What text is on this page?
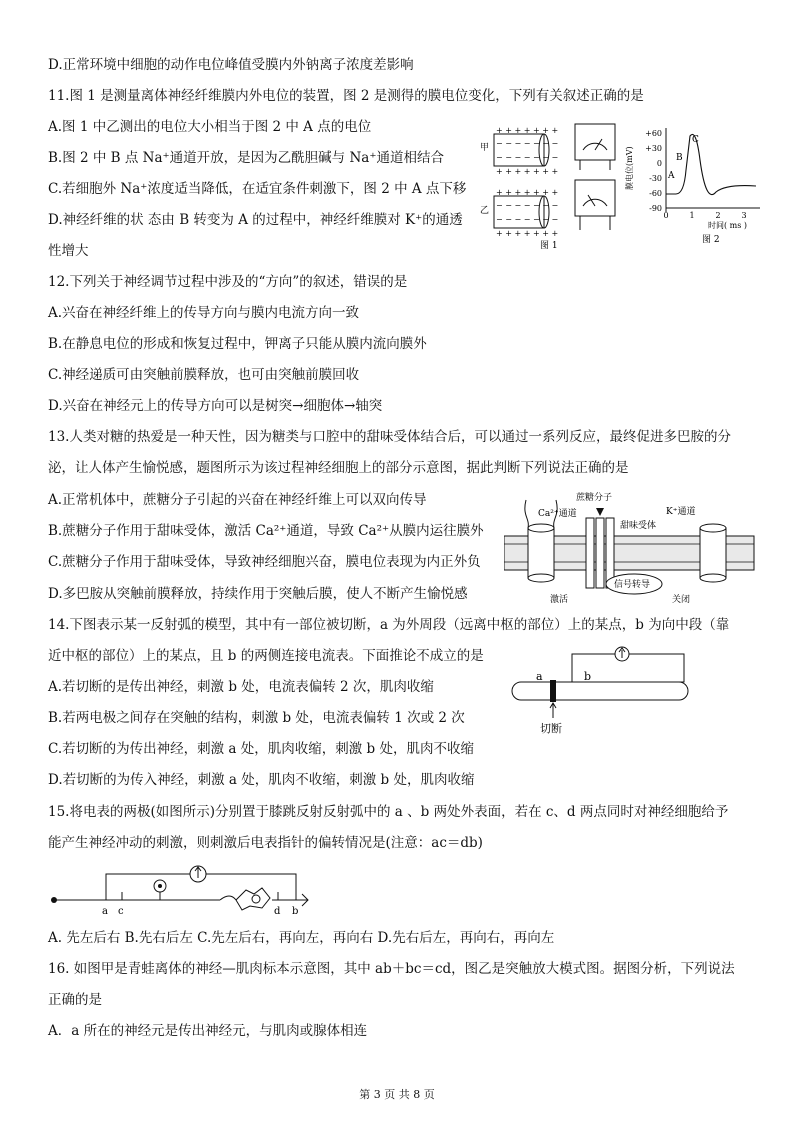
D.正常环境中细胞的动作电位峰值受膜内外钠离子浓度差影响
11.图 1 是测量离体神经纤维膜内外电位的装置，图 2 是测得的膜电位变化，下列有关叙述正确的是
A.图 1 中乙测出的电位大小相当于图 2 中 A 点的电位
B.图 2 中 B 点 Na⁺通道开放，是因为乙酰胆碱与 Na⁺通道相结合
C.若细胞外 Na⁺浓度适当降低，在适宜条件刺激下，图 2 中 A 点下移
D.神经纤维的状 态由 B 转变为 A 的过程中，神经纤维膜对 K⁺的通透
性增大
12.下列关于神经调节过程中涉及的“方向”的叙述，错误的是
A.兴奋在神经纤维上的传导方向与膜内电流方向一致
B.在静息电位的形成和恢复过程中，钾离子只能从膜内流向膜外
C.神经递质可由突触前膜释放，也可由突触前膜回收
D.兴奋在神经元上的传导方向可以是树突→细胞体→轴突
13.人类对糖的热爱是一种天性，因为糖类与口腔中的甜味受体结合后，可以通过一系列反应，最终促进多巴胺的分
泌，让人体产生愉悦感，题图所示为该过程神经细胞上的部分示意图，据此判断下列说法正确的是
A.正常机体中，蔗糖分子引起的兴奋在神经纤维上可以双向传导
B.蔗糖分子作用于甜味受体，激活 Ca²⁺通道，导致 Ca²⁺从膜内运往膜外
C.蔗糖分子作用于甜味受体，导致神经细胞兴奋，膜电位表现为内正外负
D.多巴胺从突触前膜释放，持续作用于突触后膜，使人不断产生愉悦感
14.下图表示某一反射弧的模型，其中有一部位被切断，a 为外周段（远离中枢的部位）上的某点，b 为向中段（靠
近中枢的部位）上的某点，且 b 的两侧连接电流表。下面推论不成立的是
A.若切断的是传出神经，刺激 b 处，电流表偏转 2 次，肌肉收缩
B.若两电极之间存在突触的结构，刺激 b 处，电流表偏转 1 次或 2 次
C.若切断的为传出神经，刺激 a 处，肌肉收缩，刺激 b 处，肌肉不收缩
D.若切断的为传入神经，刺激 a 处，肌肉不收缩，刺激 b 处，肌肉收缩
15.将电表的两极(如图所示)分别置于膝跳反射反射弧中的 a 、b 两处外表面，若在 c、d 两点同时对神经细胞给予
能产生神经冲动的刺激，则刺激后电表指针的偏转情况是(注意：ac＝db)
A. 先左后右 B.先右后左 C.先左后右，再向左，再向右 D.先右后左，再向右，再向左
16. 如图甲是青蛙离体的神经—肌肉标本示意图，其中 ab＋bc＝cd，图乙是突触放大模式图。据图分析，下列说法
正确的是
A．a 所在的神经元是传出神经元，与肌肉或腺体相连
甲
+ + + + + + +
− − − − − − −
− − − − − − −
+ + + + + + +
乙
+ + + + + + +
− − − − − − −
− − − − − − −
+ + + + + + +
图 1
膜电位(mV)
+60
+30
0
-30
-60
-90
A
B
C
0	1	2	3
时间( ms )
图 2
Ca²⁺通道
蔗糖分子
甜味受体
信号转导
K⁺通道
激活	关闭
a	b
切断
a c	d b
第 3 页 共 8 页
